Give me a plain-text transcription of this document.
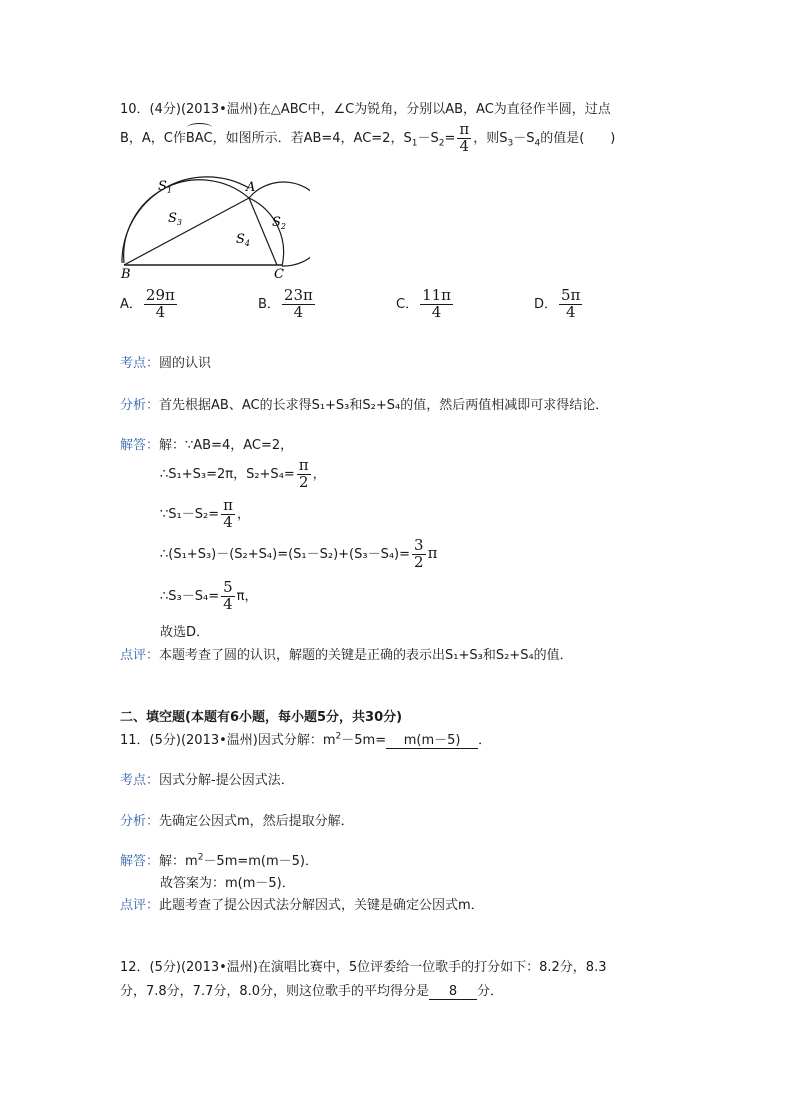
10．(4分)(2013•温州)在△ABC中，∠C为锐角，分别以AB，AC为直径作半圆，过点
B，A，C作BAC，如图所示．若AB=4，AC=2，$S_1-S_2= \frac{\pi}{4}$ ，则$S_3-S_4$的值是(　　)
$S_1$
$S_3$	$S_2$
$S_4$
A
B	C
A． $\frac{29\pi}{4}$	B． $\frac{23\pi}{4}$	C． $\frac{11\pi}{4}$	D． $\frac{5\pi}{4}$
考点：圆的认识
分析：首先根据AB、AC的长求得S₁+S₃和S₂+S₄的值，然后两值相减即可求得结论．
解答：解：∵AB=4，AC=2，
∴S₁+S₃=2π，$S_2+S_4= \frac{\pi}{2}$ ，
∵S₁－S₂= $\frac{\pi}{4}$ ，
∴(S₁+S₃)－(S₂+S₄)=(S₁－S₂)+(S₃－S₄)= $\frac{3}{2}$ π
∴S₃－S₄= $\frac{5}{4}$ π，
故选D．
点评：本题考查了圆的认识，解题的关键是正确的表示出S₁+S₃和S₂+S₄的值．
二、填空题(本题有6小题，每小题5分，共30分)
11．(5分)(2013•温州)因式分解：$m^2-5m= m(m-5)$ ．
考点：因式分解-提公因式法．
分析：先确定公因式m，然后提取分解．
解答：解：$m^2-5m=m(m-5)$．
故答案为：m(m－5)．
点评：此题考查了提公因式法分解因式，关键是确定公因式m．
12．(5分)(2013•温州)在演唱比赛中，5位评委给一位歌手的打分如下：8.2分，8.3
分，7.8分，7.7分，8.0分，则这位歌手的平均得分是 8 分．
